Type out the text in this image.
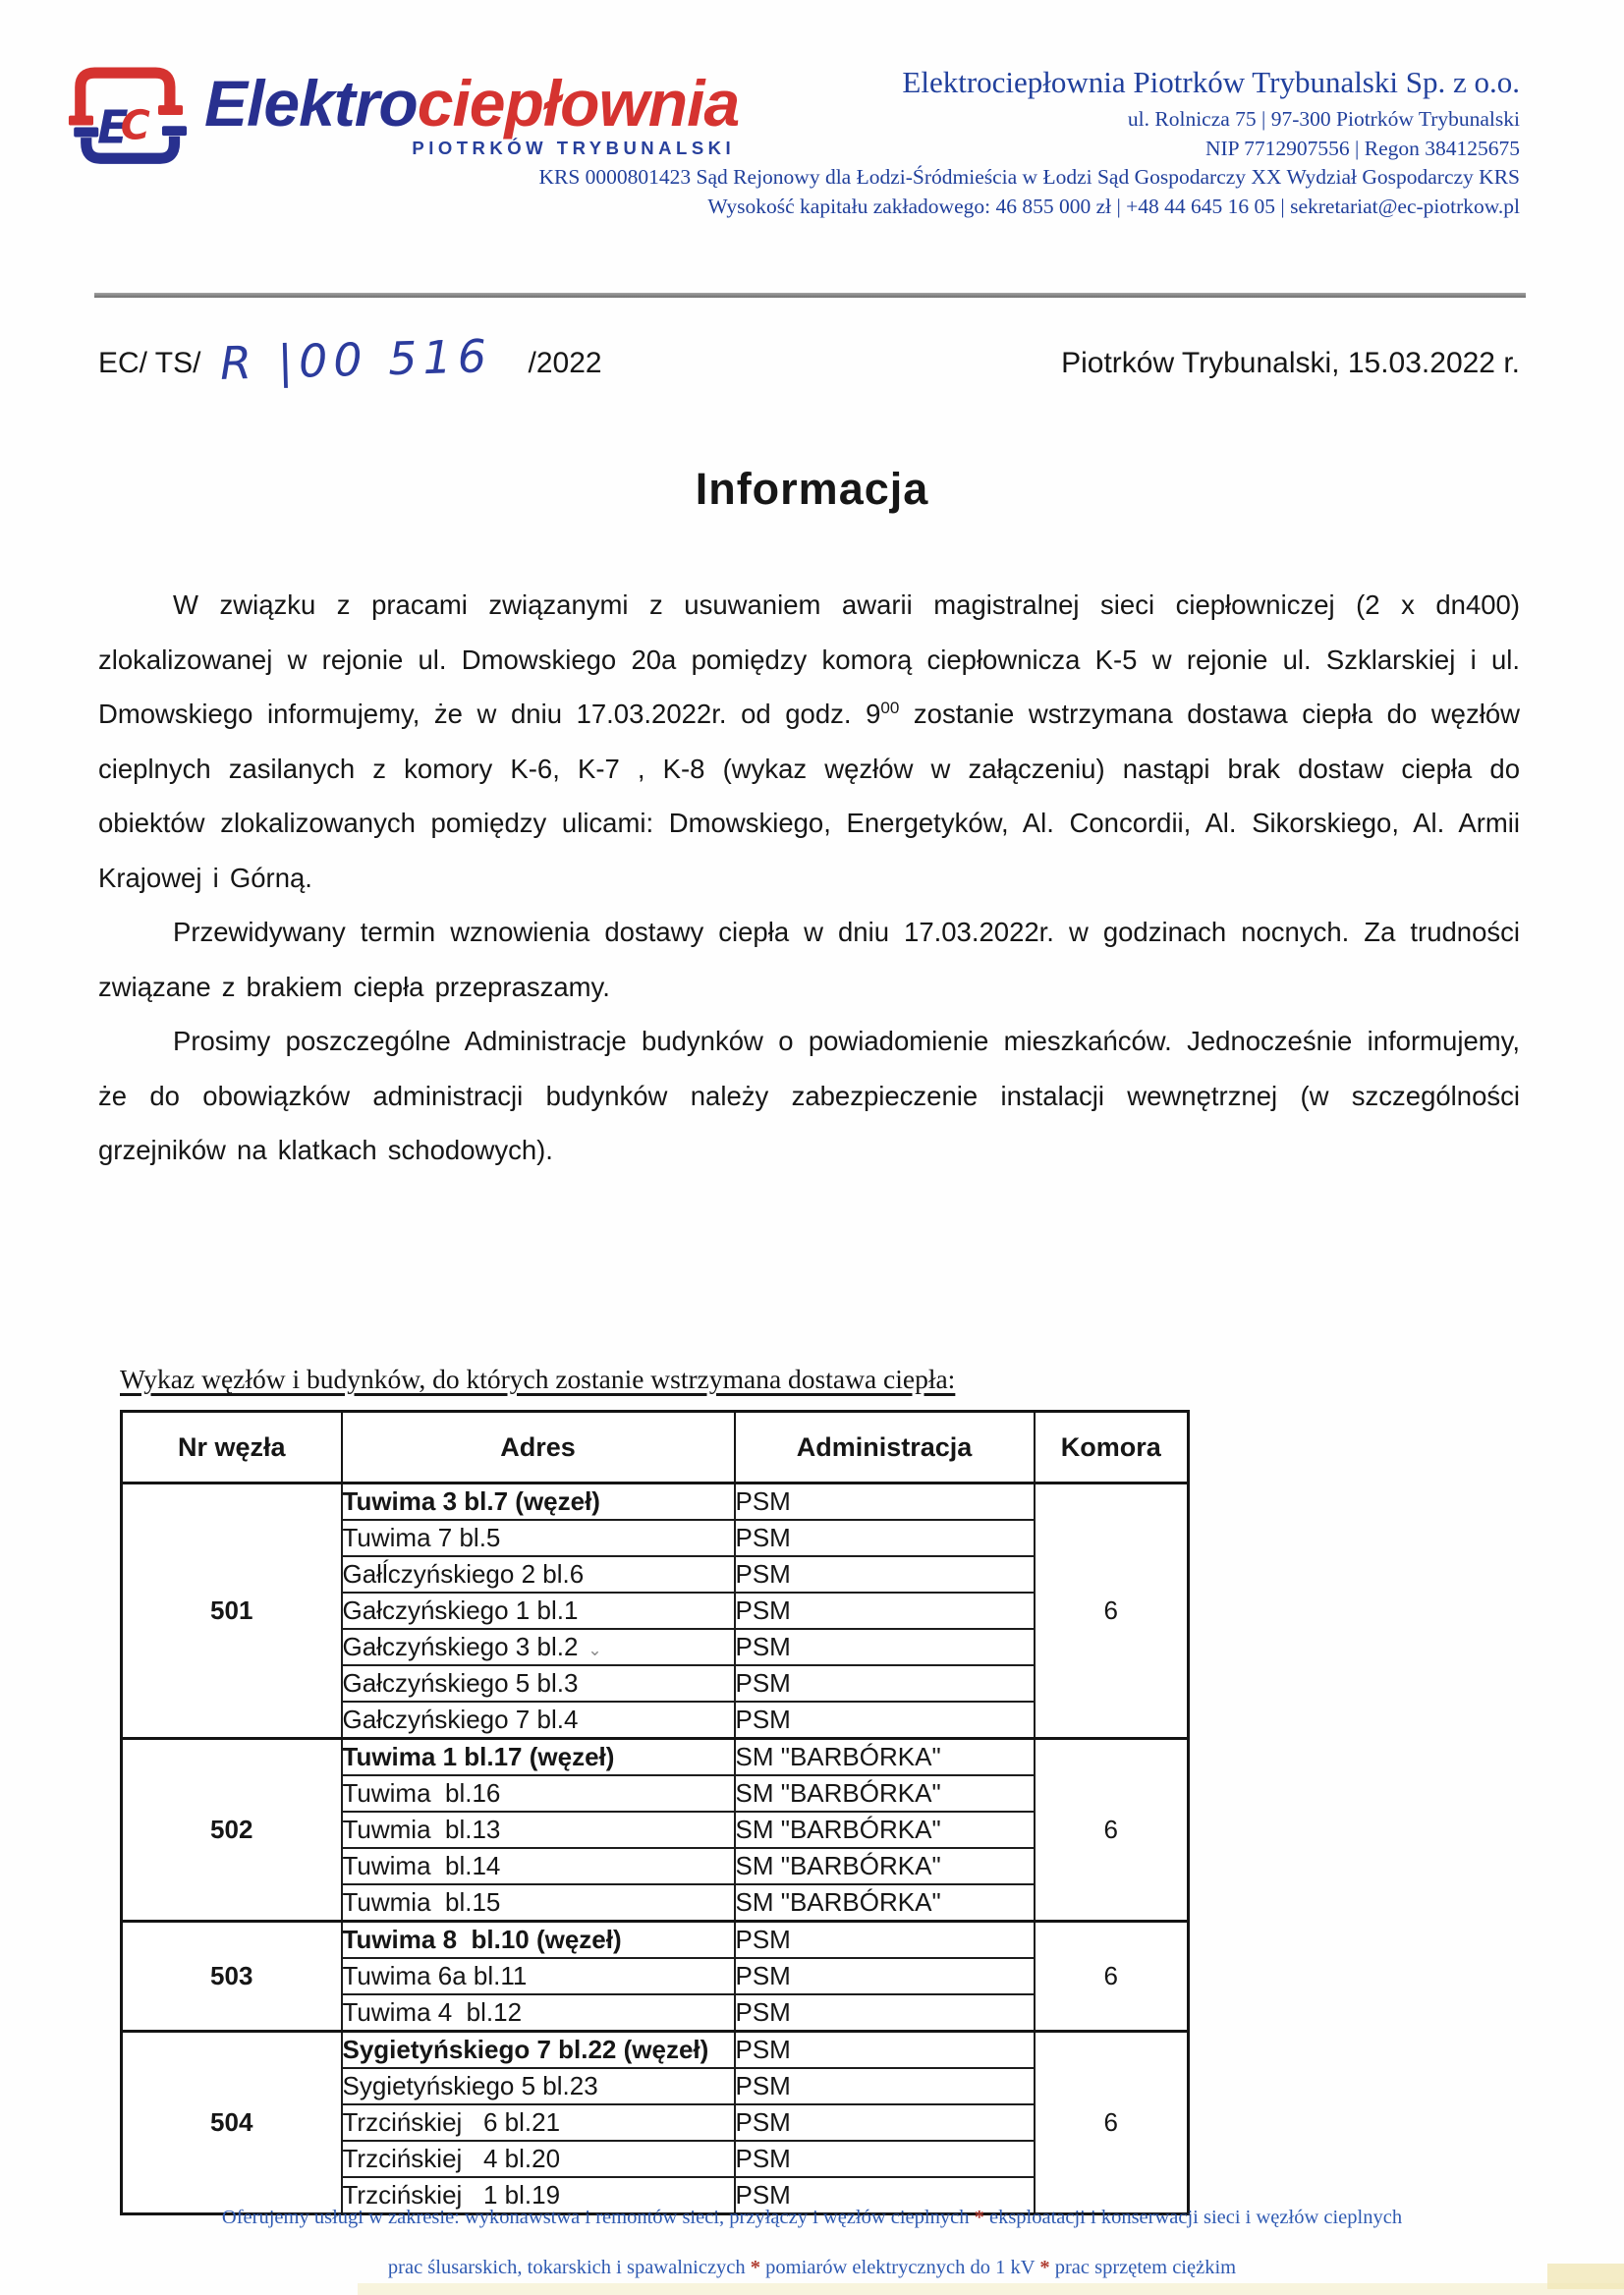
E
C Elektrociepłownia
PIOTRKÓW TRYBUNALSKI
Elektrociepłownia Piotrków Trybunalski Sp. z o.o.
ul. Rolnicza 75 | 97-300 Piotrków Trybunalski
NIP 7712907556 | Regon 384125675
KRS 0000801423 Sąd Rejonowy dla Łodzi-Śródmieścia w Łodzi Sąd Gospodarczy XX Wydział Gospodarczy KRS
Wysokość kapitału zakładowego: 46 855 000 zł | +48 44 645 16 05 | sekretariat@ec-piotrkow.pl
EC/ TS/ R |00 516 /2022	Piotrków Trybunalski, 15.03.2022 r.
Informacja

W związku z pracami związanymi z usuwaniem awarii magistralnej sieci ciepłowniczej (2 x dn400) zlokalizowanej w rejonie ul. Dmowskiego 20a pomiędzy komorą ciepłownicza K-5 w rejonie ul. Szklarskiej i ul. Dmowskiego informujemy, że w dniu 17.03.2022r. od godz. $9^{00}$ zostanie wstrzymana dostawa ciepła do węzłów cieplnych zasilanych z komory K-6, K-7 , K-8 (wykaz węzłów w załączeniu) nastąpi brak dostaw ciepła do obiektów zlokalizowanych pomiędzy ulicami: Dmowskiego, Energetyków, Al. Concordii, Al. Sikorskiego, Al. Armii Krajowej i Górną.

Przewidywany termin wznowienia dostawy ciepła w dniu 17.03.2022r. w godzinach nocnych. Za trudności związane z brakiem ciepła przepraszamy.

Prosimy poszczególne Administracje budynków o powiadomienie mieszkańców. Jednocześnie informujemy, że do obowiązków administracji budynków należy zabezpieczenie instalacji wewnętrznej (w szczególności grzejników na klatkach schodowych).

Wykaz węzłów i budynków, do których zostanie wstrzymana dostawa ciepła:
Nr węzła	Adres	Administracja	Komora
501	Tuwima 3 bl.7 (węzeł)	PSM	6
	Tuwima 7 bl.5	PSM	
	Gałĺczyńskiego 2 bl.6	PSM	
	Gałczyńskiego 1 bl.1	PSM	
	Gałczyńskiego 3 bl.2 ⌄	PSM	
	Gałczyńskiego 5 bl.3	PSM	
	Gałczyńskiego 7 bl.4	PSM	
502	Tuwima 1 bl.17 (węzeł)	SM "BARBÓRKA"	6
	Tuwima  bl.16	SM "BARBÓRKA"	
	Tuwmia  bl.13	SM "BARBÓRKA"	
	Tuwima  bl.14	SM "BARBÓRKA"	
	Tuwmia  bl.15	SM "BARBÓRKA"	
503	Tuwima 8  bl.10 (węzeł)	PSM	6
	Tuwima 6a bl.11	PSM	
	Tuwima 4  bl.12	PSM	
504	Sygietyńskiego 7 bl.22 (węzeł)	PSM	6
	Sygietyńskiego 5 bl.23	PSM	
	Trzcińskiej   6 bl.21	PSM	
	Trzcińskiej   4 bl.20	PSM	
	Trzcińskiej   1 bl.19	PSM	
Oferujemy usługi w zakresie: wykonawstwa i remontów sieci, przyłączy i węzłów cieplnych * eksploatacji i konserwacji sieci i węzłów cieplnych
prac ślusarskich, tokarskich i spawalniczych * pomiarów elektrycznych do 1 kV * prac sprzętem ciężkim
